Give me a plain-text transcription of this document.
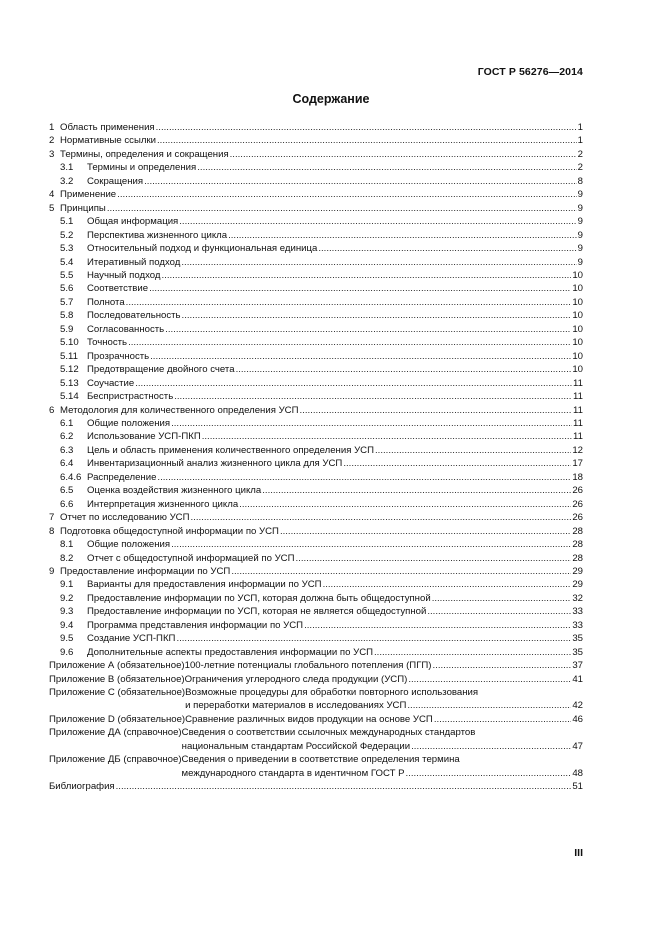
ГОСТ Р 56276—2014
Содержание
1 Область применения .....	1
2 Нормативные ссылки .....	1
3 Термины, определения и сокращения .....	2
3.1	Термины и определения .....	2
3.2	Сокращения .....	8
4 Применение .....	9
5 Принципы .....	9
5.1	Общая информация .....	9
5.2	Перспектива жизненного цикла .....	9
5.3	Относительный подход и функциональная единица .....	9
5.4	Итеративный подход .....	9
5.5	Научный подход .....	10
5.6	Соответствие .....	10
5.7	Полнота .....	10
5.8	Последовательность .....	10
5.9	Согласованность .....	10
5.10 Точность .....	10
5.11 Прозрачность .....	10
5.12 Предотвращение двойного счета .....	10
5.13 Соучастие .....	11
5.14 Беспристрастность .....	11
6 Методология для количественного определения УСП .....	11
6.1	Общие положения .....	11
6.2	Использование УСП-ПКП .....	11
6.3	Цель и область применения количественного определения УСП .....	12
6.4	Инвентаризационный анализ жизненного цикла для УСП .....	17
6.4.6 Распределение .....	18
6.5	Оценка воздействия жизненного цикла .....	26
6.6	Интерпретация жизненного цикла .....	26
7 Отчет по исследованию УСП .....	26
8 Подготовка общедоступной информации по УСП .....	28
8.1	Общие положения .....	28
8.2	Отчет с общедоступной информацией по УСП .....	28
9 Предоставление информации по УСП .....	29
9.1	Варианты для предоставления информации по УСП .....	29
9.2	Предоставление информации по УСП, которая должна быть общедоступной .....	32
9.3	Предоставление информации по УСП, которая не является общедоступной .....	33
9.4	Программа представления информации по УСП .....	33
9.5	Создание УСП-ПКП .....	35
9.6	Дополнительные аспекты предоставления информации по УСП .....	35
Приложение А (обязательное) 100-летние потенциалы глобального потепления (ПГП) .....	37
Приложение В (обязательное) Ограничения углеродного следа продукции (УСП) .....	41
Приложение С (обязательное) Возможные процедуры для обработки повторного использования
и переработки материалов в исследованиях УСП .....	42
Приложение D (обязательное) Сравнение различных видов продукции на основе УСП .....	46
Приложение ДА (справочное) Сведения о соответствии ссылочных международных стандартов
национальным стандартам Российской Федерации .....	47
Приложение ДБ (справочное) Сведения о приведении в соответствие определения термина
международного стандарта в идентичном ГОСТ Р .....	48
Библиография .....	51
III
